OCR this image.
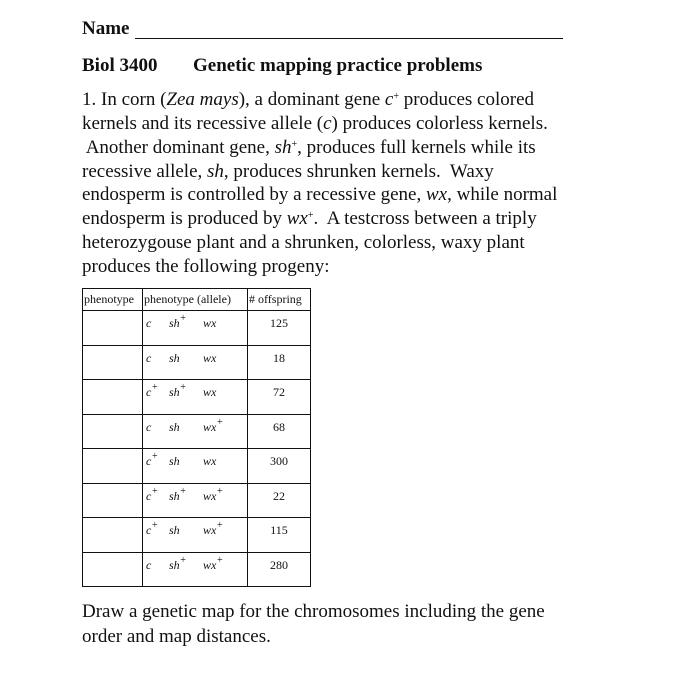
Name
Biol 3400 Genetic mapping practice problems
1. In corn (Zea mays), a dominant gene c+ produces colored
kernels and its recessive allele (c) produces colorless kernels.
Another dominant gene, sh+, produces full kernels while its
recessive allele, sh, produces shrunken kernels.  Waxy
endosperm is controlled by a recessive gene, wx, while normal
endosperm is produced by wx+.  A testcross between a triply
heterozygouse plant and a shrunken, colorless, waxy plant
produces the following progeny:
phenotype	phenotype (allele)	# offspring

	c sh+ wx	125

	c sh wx	18

	c+ sh+ wx	72

	c sh wx+	68

	c+ sh wx	300

	c+ sh+ wx+	22

	c+ sh wx+	115

	c sh+ wx+	280
Draw a genetic map for the chromosomes including the gene
order and map distances.
